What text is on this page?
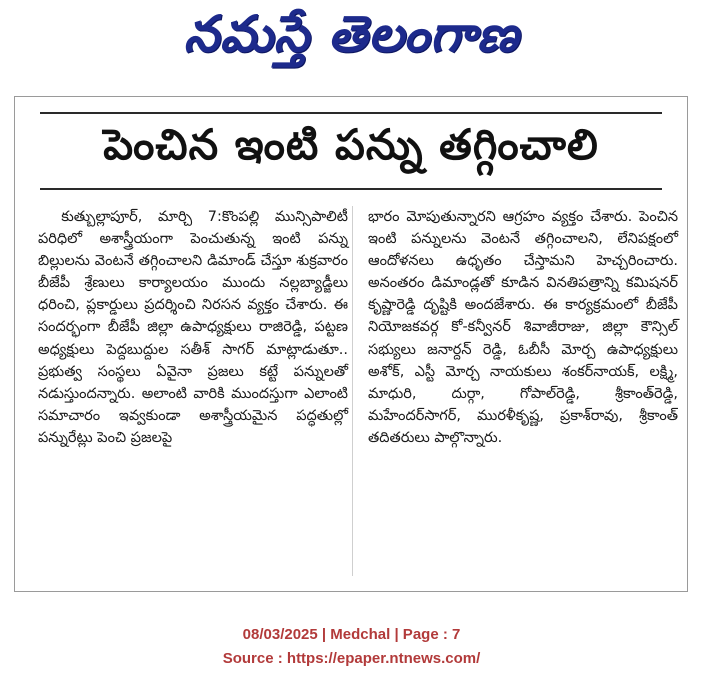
నమస్తే తెలంగాణ
పెంచిన ఇంటి పన్ను తగ్గించాలి
కుత్బుల్లాపూర్, మార్చి 7:కొంపల్లి మున్సిపాలిటీ పరిధిలో అశాస్త్రీయంగా పెంచుతున్న ఇంటి పన్ను బిల్లులను వెంటనే తగ్గించాలని డిమాండ్ చేస్తూ శుక్రవారం బీజేపీ శ్రేణులు కార్యాలయం ముందు నల్లబ్యాడ్జీలు ధరించి, ప్లకార్డులు ప్రదర్శించి నిరసన వ్యక్తం చేశారు. ఈ సందర్భంగా బీజేపీ జిల్లా ఉపాధ్యక్షులు రాజిరెడ్డి, పట్టణ అధ్యక్షులు పెద్దబుద్దుల సతీశ్ సాగర్ మాట్లాడుతూ.. ప్రభుత్వ సంస్థలు ఏవైనా ప్రజలు కట్టే పన్నులతో నడుస్తుందన్నారు. అలాంటి వారికి ముందస్తుగా ఎలాంటి సమాచారం ఇవ్వకుండా అశాస్త్రీయమైన పద్ధతుల్లో పన్నురేట్లు పెంచి ప్రజలపై
భారం మోపుతున్నారని ఆగ్రహం వ్యక్తం చేశారు. పెంచిన ఇంటి పన్నులను వెంటనే తగ్గించాలని, లేనిపక్షంలో ఆందోళనలు ఉధృతం చేస్తామని హెచ్చరించారు. అనంతరం డిమాండ్లతో కూడిన వినతిపత్రాన్ని కమిషనర్ కృష్ణారెడ్డి దృష్టికి అందజేశారు. ఈ కార్యక్రమంలో బీజేపీ నియోజకవర్గ కో-కన్వీనర్ శివాజీరాజు, జిల్లా కౌన్సిల్ సభ్యులు జనార్దన్ రెడ్డి, ఓబీసీ మోర్చ ఉపాధ్యక్షులు అశోక్, ఎస్టీ మోర్చ నాయకులు శంకర్‌నాయక్, లక్ష్మి, మాధురి, దుర్గా, గోపాల్‌రెడ్డి, శ్రీకాంత్‌రెడ్డి, మహేందర్‌సాగర్, మురళీకృష్ణ, ప్రకాశ్‌రావు, శ్రీకాంత్ తదితరులు పాల్గొన్నారు.
08/03/2025 | Medchal | Page : 7
Source : https://epaper.ntnews.com/
